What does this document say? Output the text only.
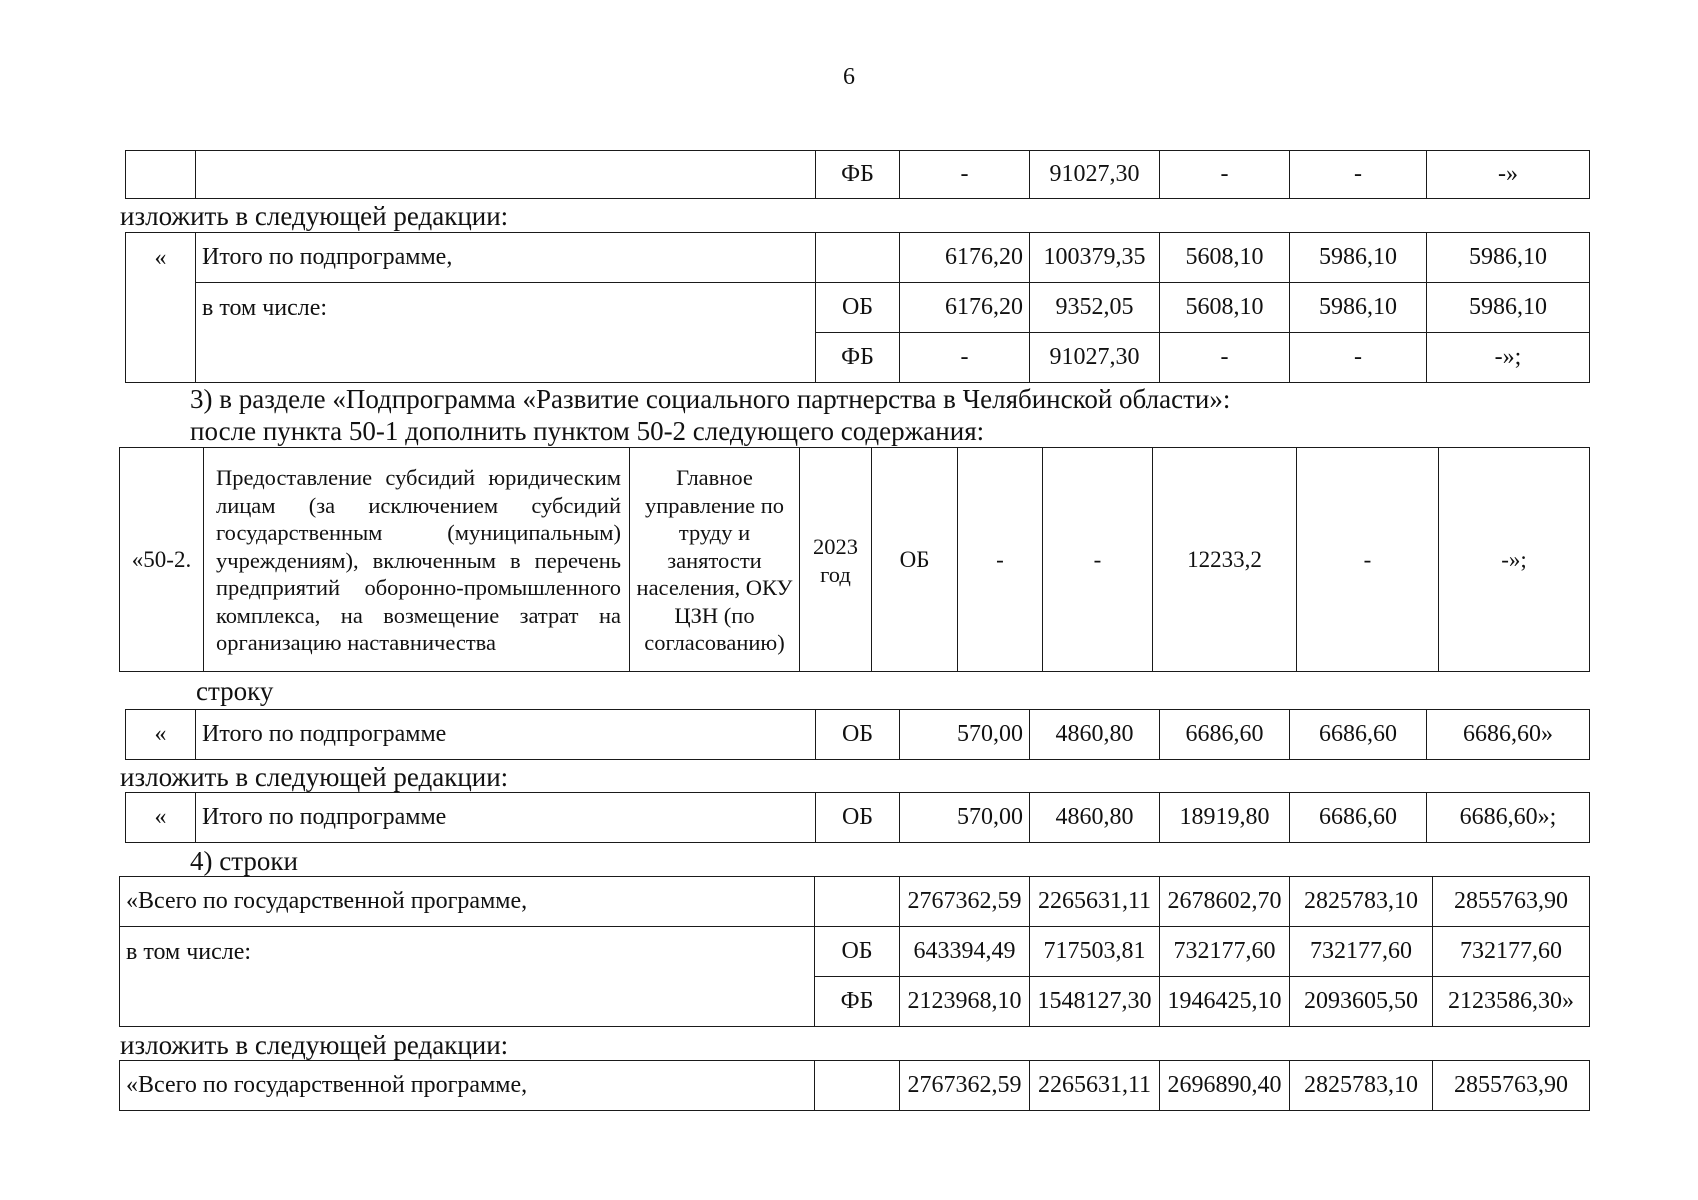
6
		ФБ	-	91027,30	-	-	-»
изложить в следующей редакции:
«	Итого по подпрограмме,		6176,20	100379,35	5608,10	5986,10	5986,10
	в том числе:	ОБ	6176,20	9352,05	5608,10	5986,10	5986,10
		ФБ	-	91027,30	-	-	-»;
3) в разделе «Подпрограмма «Развитие социального партнерства в Челябинской области»:
после пункта 50-1 дополнить пунктом 50-2 следующего содержания:
«50-2.	Предоставление субсидий юридическим лицам (за исключением субсидий государственным (муниципальным) учреждениям), включенным в перечень предприятий оборонно-промышленного комплекса, на возмещение затрат на организацию наставничества	Главное управление по труду и занятости населения, ОКУ ЦЗН (по согласованию)	2023 год	ОБ	-	-	12233,2	-	-»;
строку
«	Итого по подпрограмме	ОБ	570,00	4860,80	6686,60	6686,60	6686,60»
изложить в следующей редакции:
«	Итого по подпрограмме	ОБ	570,00	4860,80	18919,80	6686,60	6686,60»;
4) строки
«Всего по государственной программе,		2767362,59	2265631,11	2678602,70	2825783,10	2855763,90
в том числе:	ОБ	643394,49	717503,81	732177,60	732177,60	732177,60
	ФБ	2123968,10	1548127,30	1946425,10	2093605,50	2123586,30»
изложить в следующей редакции:
«Всего по государственной программе,		2767362,59	2265631,11	2696890,40	2825783,10	2855763,90
